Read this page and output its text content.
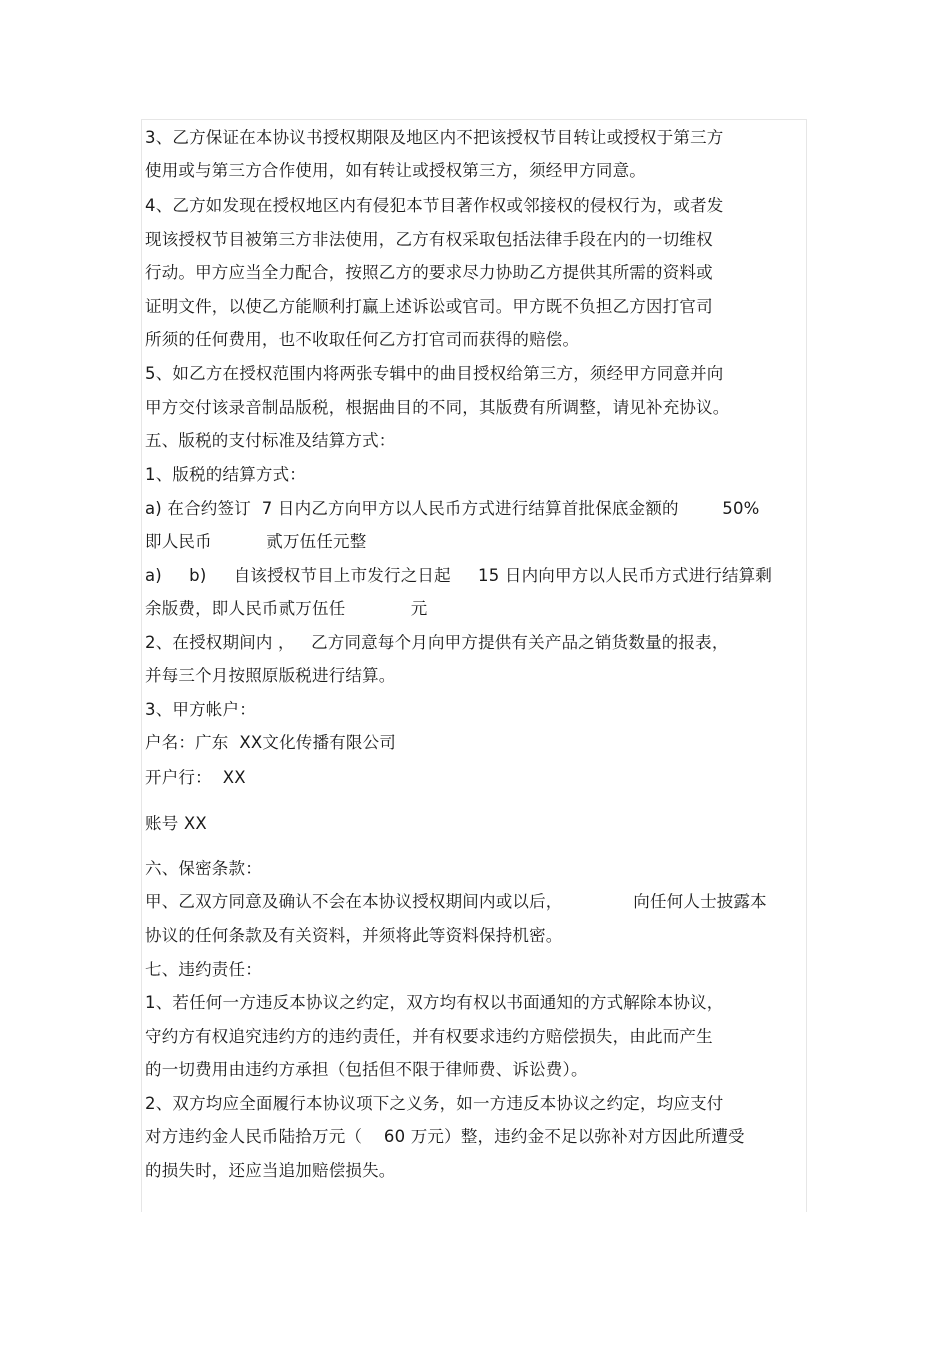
3、乙方保证在本协议书授权期限及地区内不把该授权节目转让或授权于第三方
使用或与第三方合作使用，如有转让或授权第三方，须经甲方同意。
4、乙方如发现在授权地区内有侵犯本节目著作权或邻接权的侵权行为，或者发
现该授权节目被第三方非法使用，乙方有权采取包括法律手段在内的一切维权
行动。甲方应当全力配合，按照乙方的要求尽力协助乙方提供其所需的资料或
证明文件，以使乙方能顺利打赢上述诉讼或官司。甲方既不负担乙方因打官司
所须的任何费用，也不收取任何乙方打官司而获得的赔偿。
5、如乙方在授权范围内将两张专辑中的曲目授权给第三方，须经甲方同意并向
甲方交付该录音制品版税，根据曲目的不同，其版费有所调整，请见补充协议。
五、版税的支付标准及结算方式：
1、版税的结算方式：
a) 在合约签订  7 日内乙方向甲方以人民币方式进行结算首批保底金额的        50%
即人民币          贰万伍任元整
a)     b)     自该授权节目上市发行之日起     15 日内向甲方以人民币方式进行结算剩
余版费，即人民币贰万伍任            元
2、在授权期间内 ，   乙方同意每个月向甲方提供有关产品之销货数量的报表，
并每三个月按照原版税进行结算。
3、甲方帐户：
户名：广东  XX文化传播有限公司
开户行：  XX
账号 XX
六、保密条款：
甲、乙双方同意及确认不会在本协议授权期间内或以后，             向任何人士披露本
协议的任何条款及有关资料，并须将此等资料保持机密。
七、违约责任：
1、若任何一方违反本协议之约定，双方均有权以书面通知的方式解除本协议，
守约方有权追究违约方的违约责任，并有权要求违约方赔偿损失，由此而产生
的一切费用由违约方承担（包括但不限于律师费、诉讼费）。
2、双方均应全面履行本协议项下之义务，如一方违反本协议之约定，均应支付
对方违约金人民币陆拾万元（    60 万元）整，违约金不足以弥补对方因此所遭受
的损失时，还应当追加赔偿损失。
